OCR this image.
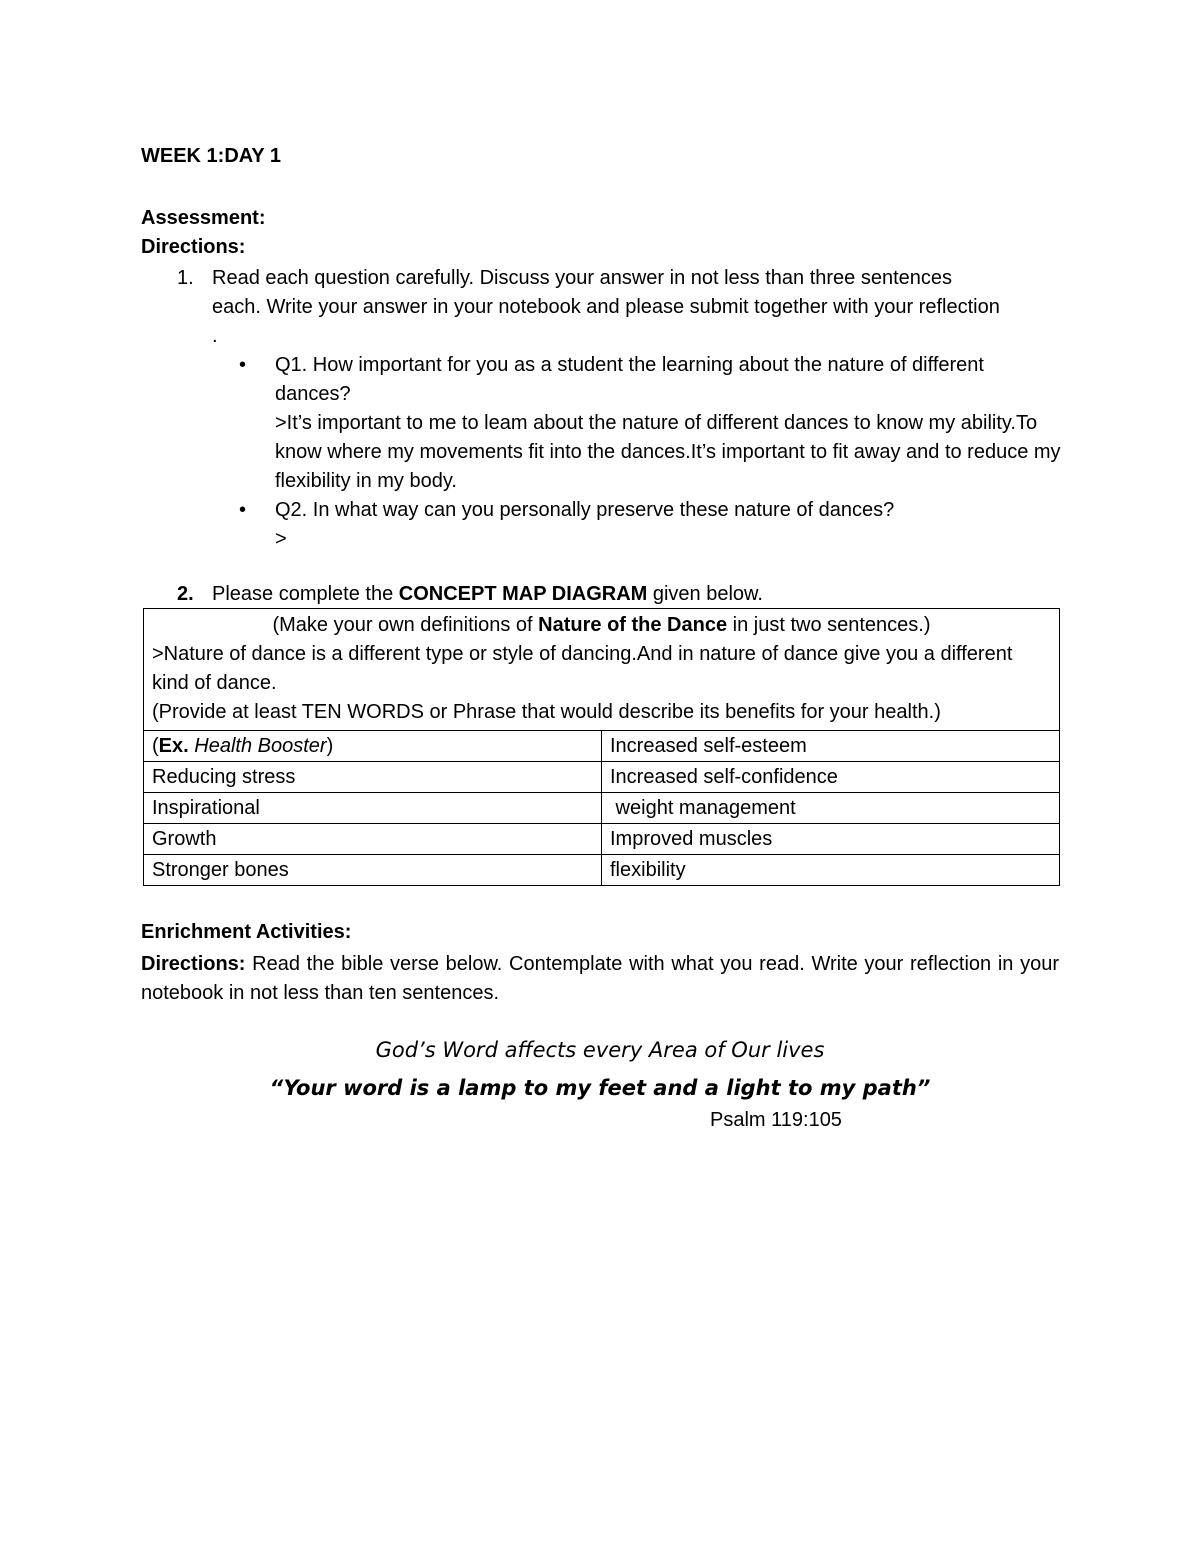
WEEK 1:DAY 1
Assessment:
Directions:
1. Read each question carefully. Discuss your answer in not less than three sentences each. Write your answer in your notebook and please submit together with your reflection .
• Q1. How important for you as a student the learning about the nature of different dances?
>It’s important to me to leam about the nature of different dances to know my ability.To know where my movements fit into the dances.It’s important to fit away and to reduce my flexibility in my body.
• Q2. In what way can you personally preserve these nature of dances?
>
2. Please complete the CONCEPT MAP DIAGRAM given below.
(Make your own definitions of Nature of the Dance in just two sentences.)
>Nature of dance is a different type or style of dancing.And in nature of dance give you a different kind of dance.
(Provide at least TEN WORDS or Phrase that would describe its benefits for your health.)	

(Ex. Health Booster)	Increased self-esteem
Reducing stress	Increased self-confidence
Inspirational	weight management
Growth	Improved muscles
Stronger bones	flexibility
Enrichment Activities:
Directions: Read the bible verse below. Contemplate with what you read. Write your reflection in your notebook in not less than ten sentences.
God’s Word affects every Area of Our lives
“Your word is a lamp to my feet and a light to my path”
Psalm 119:105
